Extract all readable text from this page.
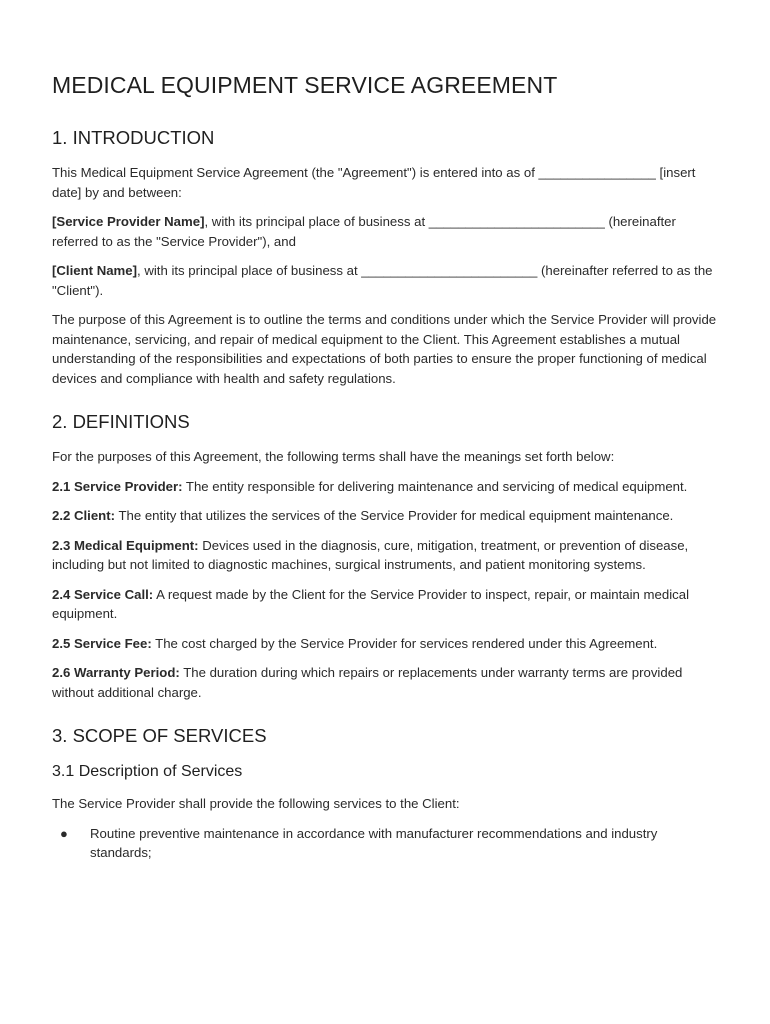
MEDICAL EQUIPMENT SERVICE AGREEMENT
1. INTRODUCTION

This Medical Equipment Service Agreement (the "Agreement") is entered into as of ________________ [insert date] by and between:

[Service Provider Name], with its principal place of business at ________________________ (hereinafter referred to as the "Service Provider"), and

[Client Name], with its principal place of business at ________________________ (hereinafter referred to as the "Client").

The purpose of this Agreement is to outline the terms and conditions under which the Service Provider will provide maintenance, servicing, and repair of medical equipment to the Client. This Agreement establishes a mutual understanding of the responsibilities and expectations of both parties to ensure the proper functioning of medical devices and compliance with health and safety regulations.

2. DEFINITIONS

For the purposes of this Agreement, the following terms shall have the meanings set forth below:

2.1 Service Provider: The entity responsible for delivering maintenance and servicing of medical equipment.

2.2 Client: The entity that utilizes the services of the Service Provider for medical equipment maintenance.

2.3 Medical Equipment: Devices used in the diagnosis, cure, mitigation, treatment, or prevention of disease, including but not limited to diagnostic machines, surgical instruments, and patient monitoring systems.

2.4 Service Call: A request made by the Client for the Service Provider to inspect, repair, or maintain medical equipment.

2.5 Service Fee: The cost charged by the Service Provider for services rendered under this Agreement.

2.6 Warranty Period: The duration during which repairs or replacements under warranty terms are provided without additional charge.

3. SCOPE OF SERVICES
3.1 Description of Services

The Service Provider shall provide the following services to the Client:

● Routine preventive maintenance in accordance with manufacturer recommendations and industry standards;
